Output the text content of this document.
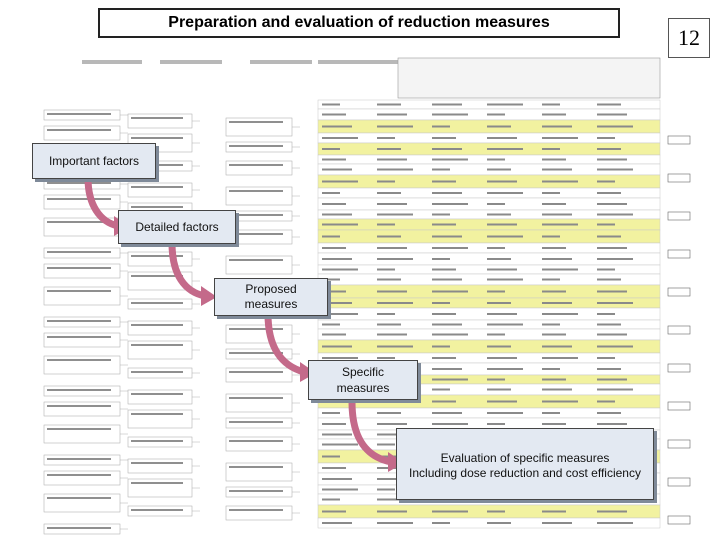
Preparation and evaluation of reduction measures
12
Important factors
Detailed factors
Proposed
measures
Specific
measures
Evaluation of specific measures
Including dose reduction and cost efficiency
